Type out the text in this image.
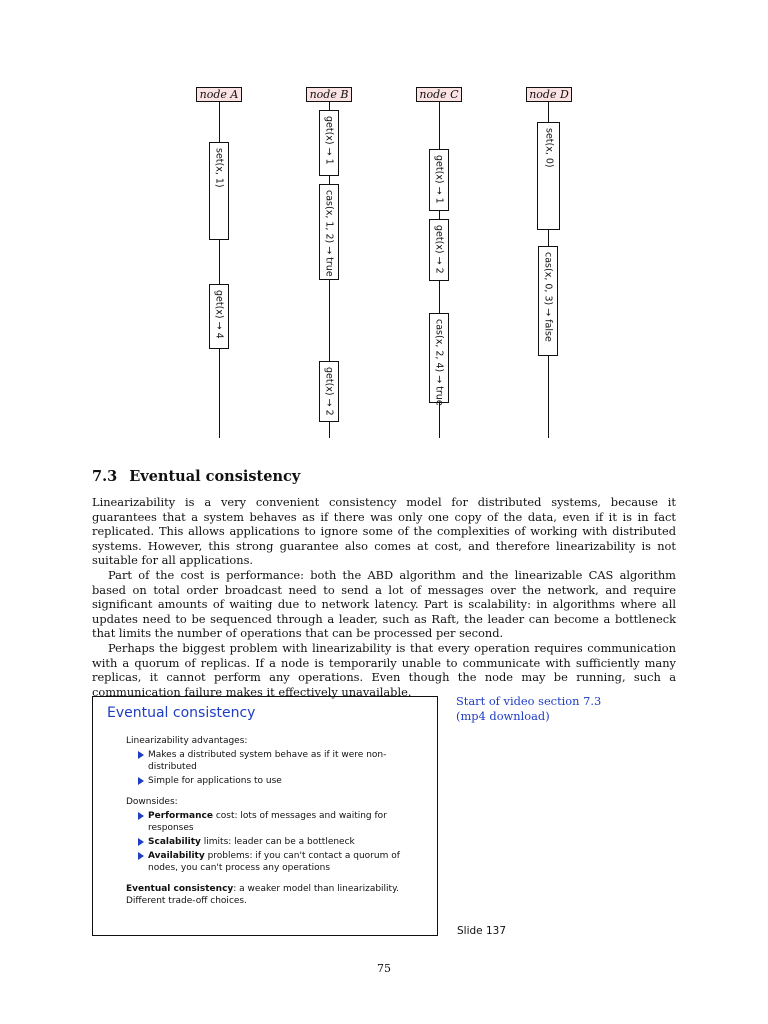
node A
set(x, 1)
get(x) → 4
node B
get(x) → 1
cas(x, 1, 2) → true
get(x) → 2
node C
get(x) → 1
get(x) → 2
cas(x, 2, 4) → true
node D
set(x, 0)
cas(x, 0, 3) → false
7.3 Eventual consistency

Linearizability is a very convenient consistency model for distributed systems, because it guarantees that a system behaves as if there was only one copy of the data, even if it is in fact replicated. This allows applications to ignore some of the complexities of working with distributed systems. However, this strong guarantee also comes at cost, and therefore linearizability is not suitable for all applications.

Part of the cost is performance: both the ABD algorithm and the linearizable CAS algorithm based on total order broadcast need to send a lot of messages over the network, and require significant amounts of waiting due to network latency. Part is scalability: in algorithms where all updates need to be sequenced through a leader, such as Raft, the leader can become a bottleneck that limits the number of operations that can be processed per second.

Perhaps the biggest problem with linearizability is that every operation requires communication with a quorum of replicas. If a node is temporarily unable to communicate with sufficiently many replicas, it cannot perform any operations. Even though the node may be running, such a communication failure makes it effectively unavailable.

Eventual consistency
Linearizability advantages:
Makes a distributed system behave as if it were non-distributed
Simple for applications to use
Downsides:
Performance cost: lots of messages and waiting for responses
Scalability limits: leader can be a bottleneck
Availability problems: if you can't contact a quorum of nodes, you can't process any operations
Eventual consistency: a weaker model than linearizability. Different trade-off choices.
Start of video section 7.3
(mp4 download)
Slide 137
75
